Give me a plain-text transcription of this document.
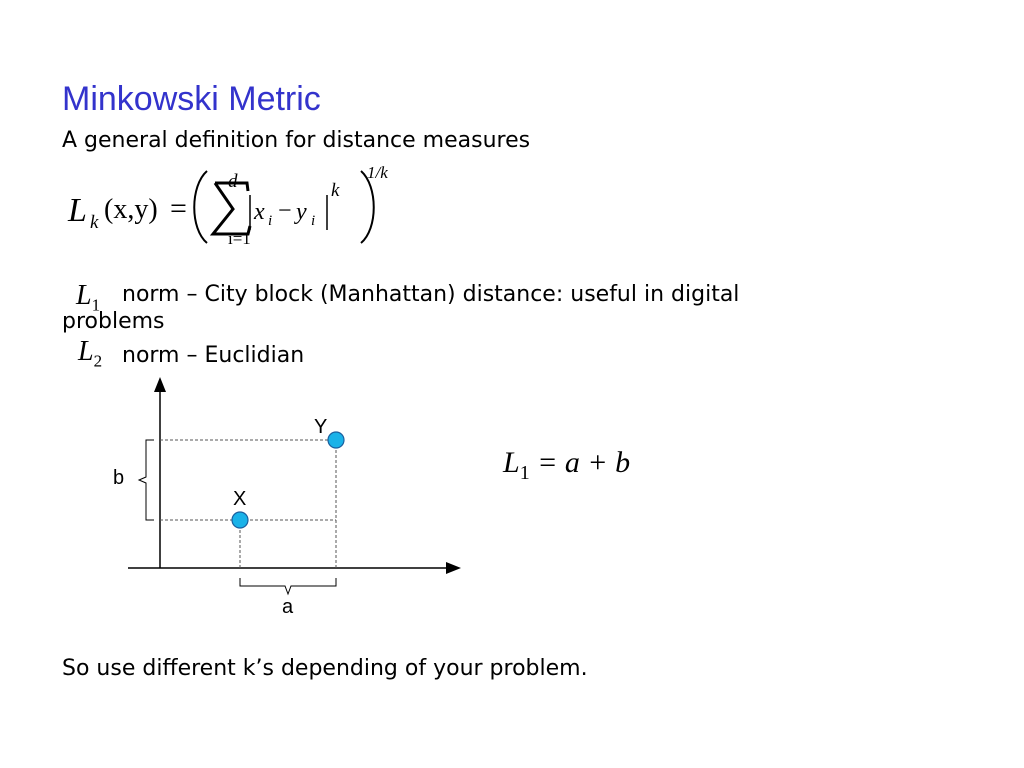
Minkowski Metric
A general definition for distance measures
L k (x,y) =
d
i=1
x i − y i
k
1/k
$L_1$ norm – City block (Manhattan) distance: useful in digital
problems
$L_2$ norm – Euclidian
Y
X
b
a
$L_1 = a + b$
So use different k’s depending of your problem.
